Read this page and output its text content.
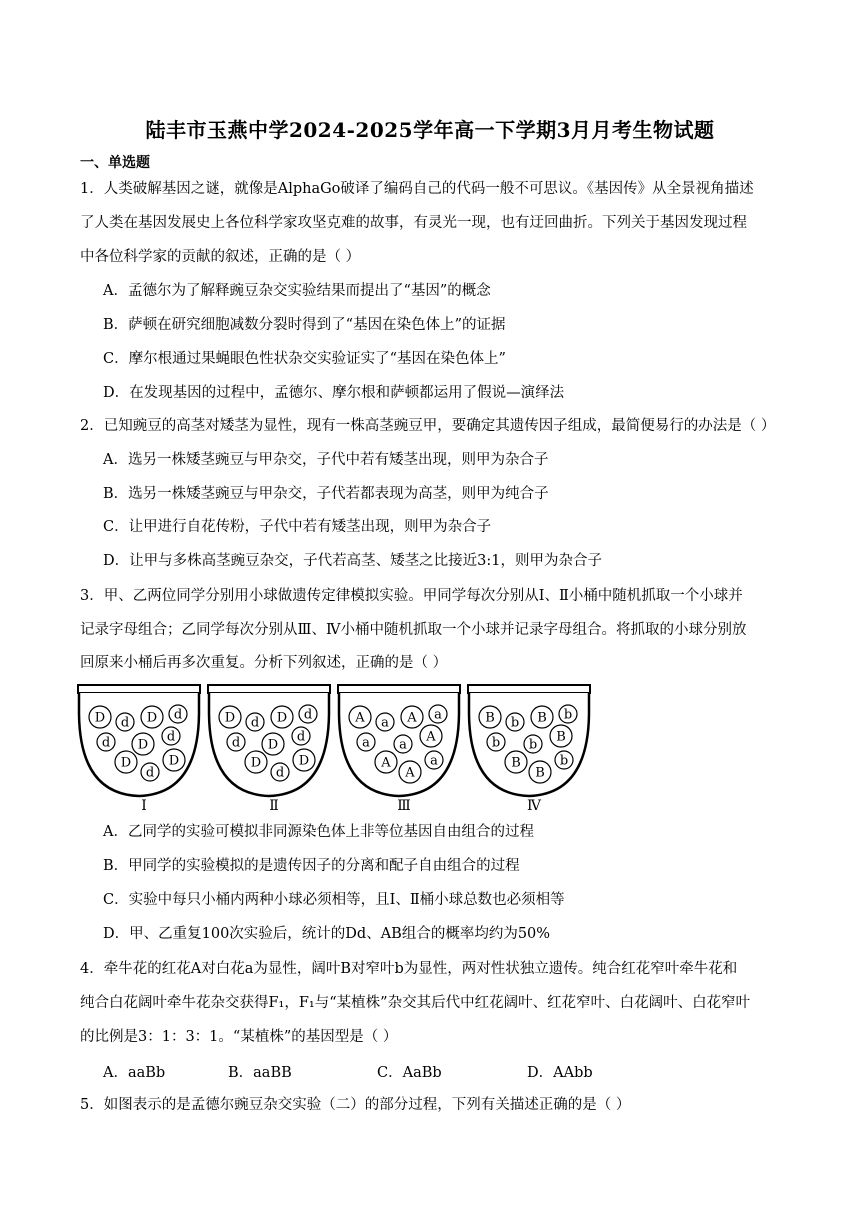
陆丰市玉燕中学2024-2025学年高一下学期3月月考生物试题
一、单选题
1．人类破解基因之谜，就像是AlphaGo破译了编码自己的代码一般不可思议。《基因传》从全景视角描述
了人类在基因发展史上各位科学家攻坚克难的故事，有灵光一现，也有迂回曲折。下列关于基因发现过程
中各位科学家的贡献的叙述，正确的是（ ）
A．孟德尔为了解释豌豆杂交实验结果而提出了“基因”的概念
B．萨顿在研究细胞减数分裂时得到了“基因在染色体上”的证据
C．摩尔根通过果蝇眼色性状杂交实验证实了“基因在染色体上”
D．在发现基因的过程中，孟德尔、摩尔根和萨顿都运用了假说—演绎法
2．已知豌豆的高茎对矮茎为显性，现有一株高茎豌豆甲，要确定其遗传因子组成，最简便易行的办法是（ ）
A．选另一株矮茎豌豆与甲杂交，子代中若有矮茎出现，则甲为杂合子
B．选另一株矮茎豌豆与甲杂交，子代若都表现为高茎，则甲为纯合子
C．让甲进行自花传粉，子代中若有矮茎出现，则甲为杂合子
D．让甲与多株高茎豌豆杂交，子代若高茎、矮茎之比接近3:1，则甲为杂合子
3．甲、乙两位同学分别用小球做遗传定律模拟实验。甲同学每次分别从Ⅰ、Ⅱ小桶中随机抓取一个小球并
记录字母组合；乙同学每次分别从Ⅲ、Ⅳ小桶中随机抓取一个小球并记录字母组合。将抓取的小球分别放
回原来小桶后再多次重复。分析下列叙述，正确的是（ ）
D d D d
d D
d
D
d
D
Ⅰ
D d D d
d D
d
D
d
D
Ⅱ
A a A a
a a
A
A
A
a
Ⅲ
B b B b
b b
B
B
B
b
Ⅳ
A．乙同学的实验可模拟非同源染色体上非等位基因自由组合的过程
B．甲同学的实验模拟的是遗传因子的分离和配子自由组合的过程
C．实验中每只小桶内两种小球必须相等，且Ⅰ、Ⅱ桶小球总数也必须相等
D．甲、乙重复100次实验后，统计的Dd、AB组合的概率均约为50%
4．牵牛花的红花A对白花a为显性，阔叶B对窄叶b为显性，两对性状独立遗传。纯合红花窄叶牵牛花和
纯合白花阔叶牵牛花杂交获得F₁，F₁与“某植株”杂交其后代中红花阔叶、红花窄叶、白花阔叶、白花窄叶
的比例是3：1：3：1。“某植株”的基因型是（ ）
A．aaBb	B．aaBB	C．AaBb	D．AAbb
5．如图表示的是孟德尔豌豆杂交实验（二）的部分过程，下列有关描述正确的是（ ）
